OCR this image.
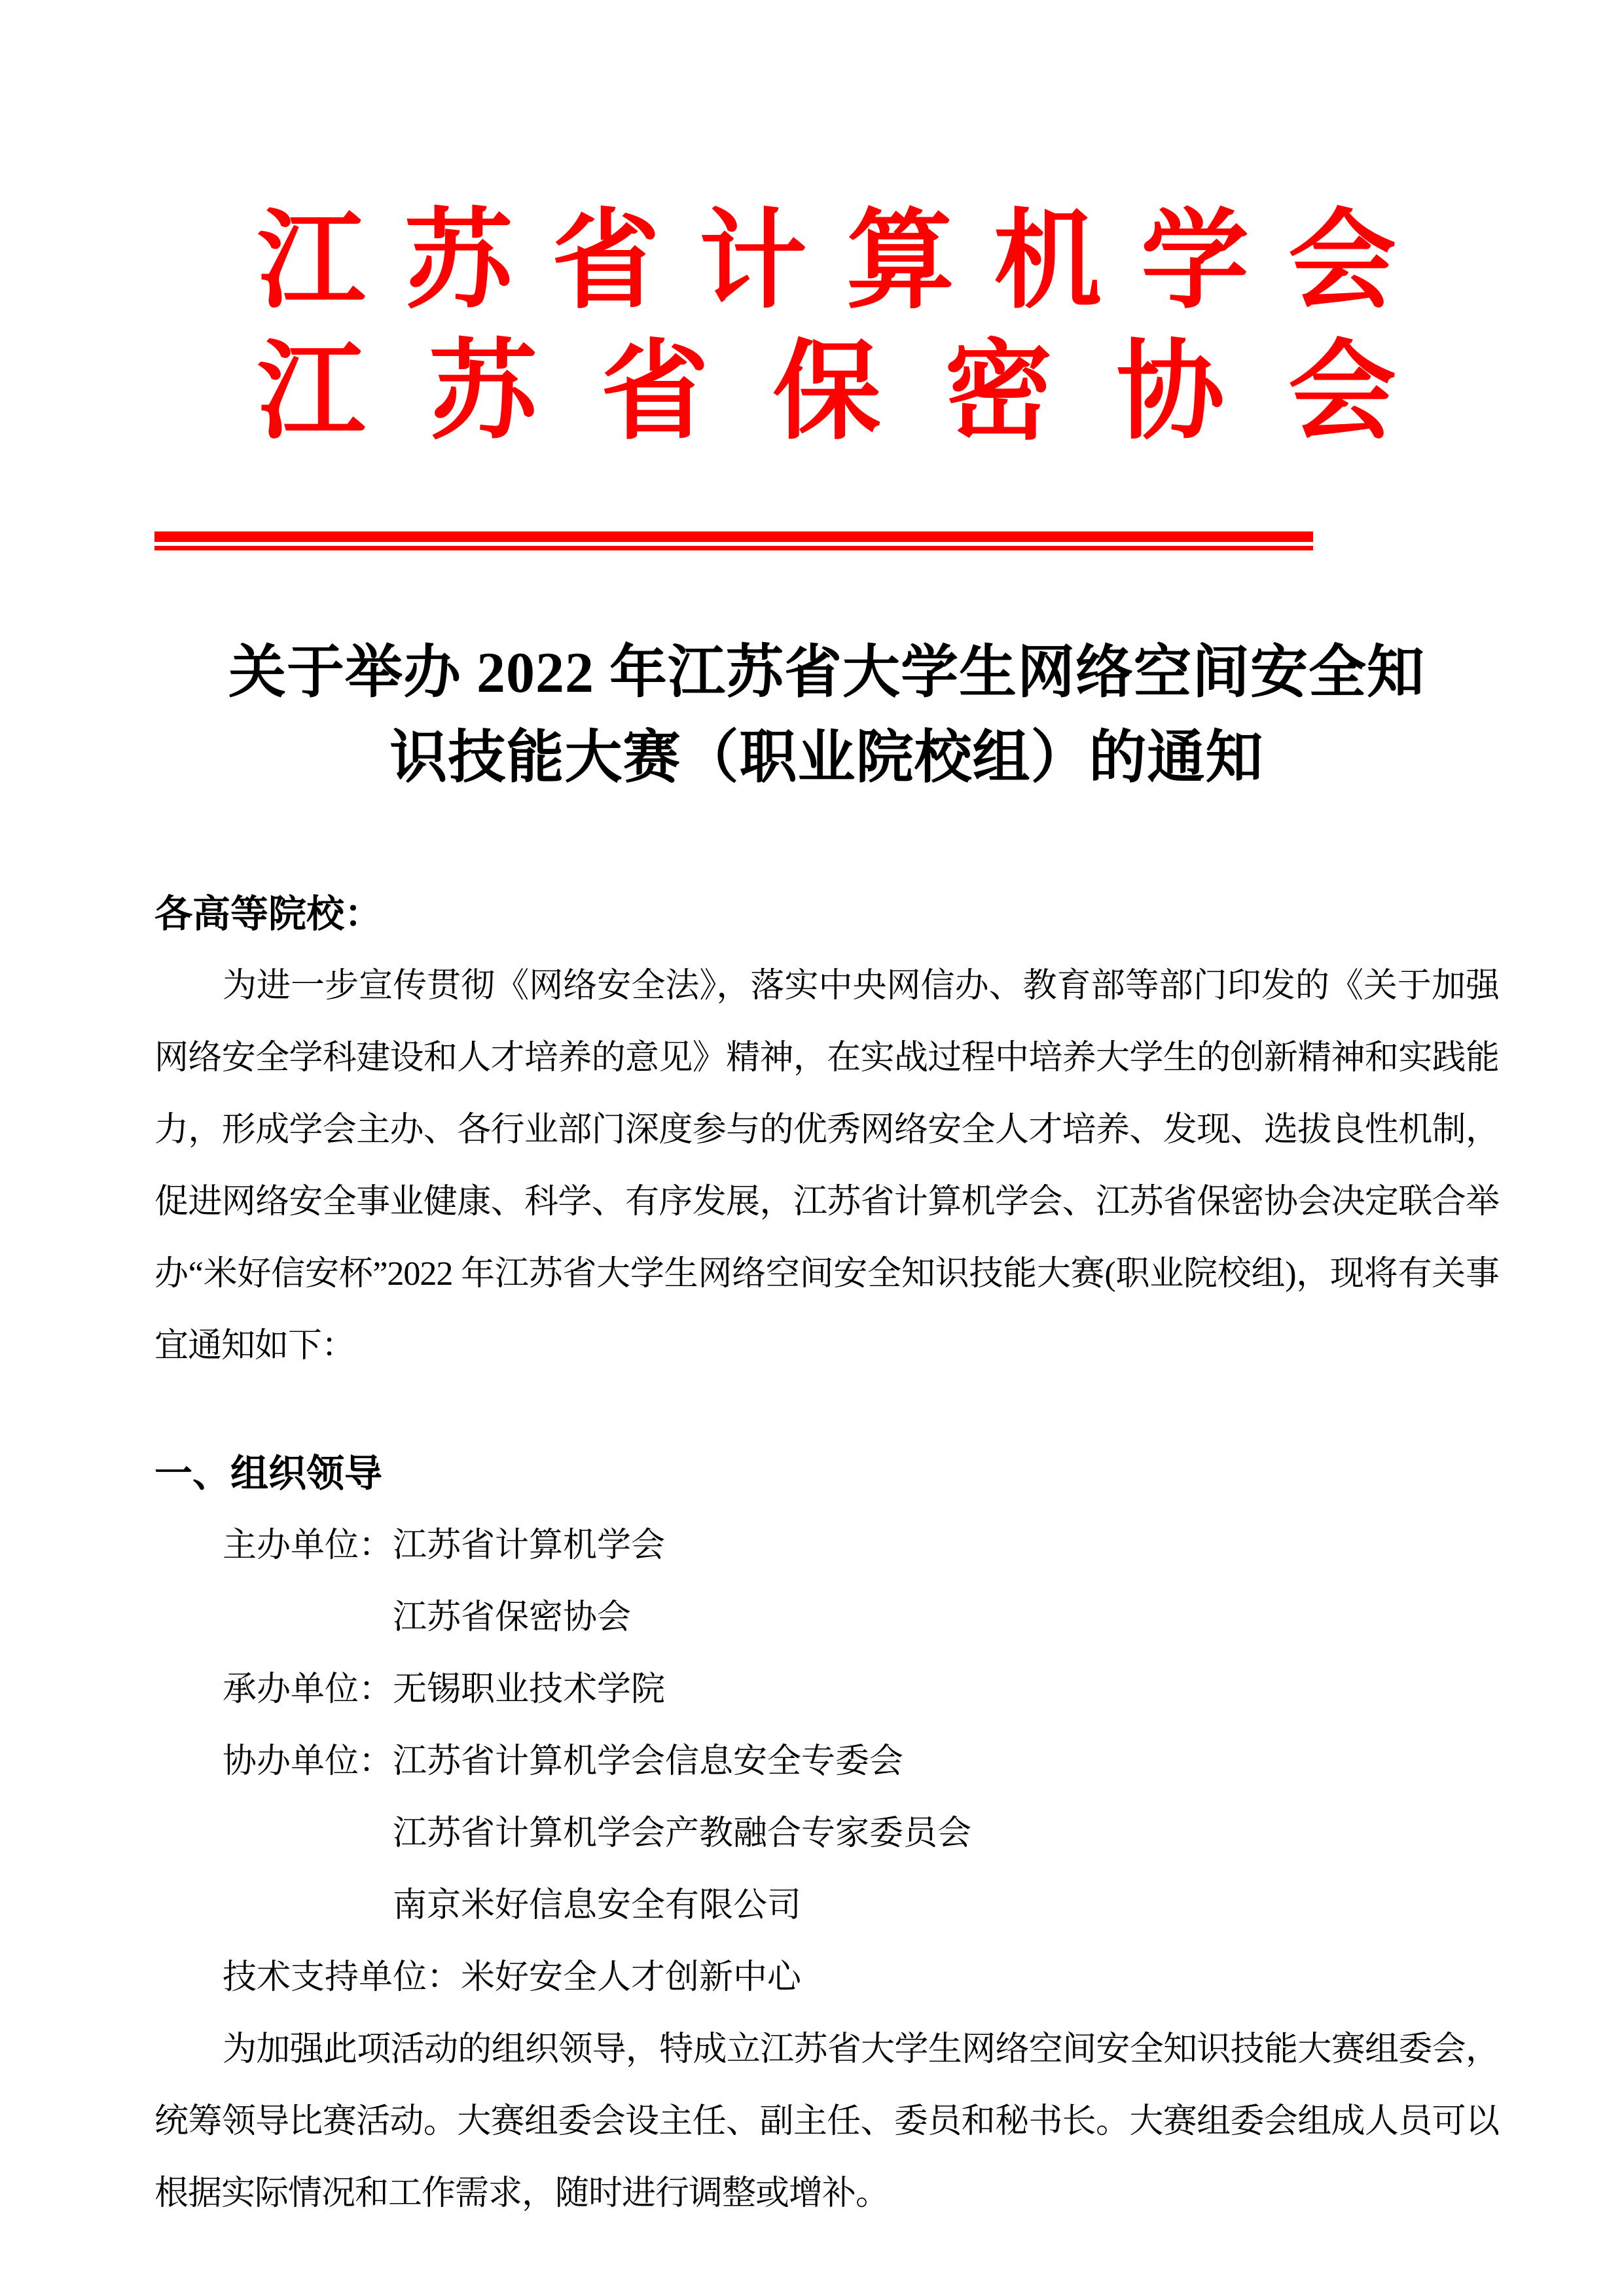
江 苏 省 计 算 机 学 会
江 苏 省 保 密 协 会
关于举办 2022 年江苏省大学生网络空间安全知
识技能大赛（职业院校组）的通知

各高等院校：

为进一步宣传贯彻《网络安全法》，落实中央网信办、教育部等部门印发的《关于加强网络安全学科建设和人才培养的意见》精神，在实战过程中培养大学生的创新精神和实践能力，形成学会主办、各行业部门深度参与的优秀网络安全人才培养、发现、选拔良性机制，促进网络安全事业健康、科学、有序发展，江苏省计算机学会、江苏省保密协会决定联合举办“米好信安杯”2022 年江苏省大学生网络空间安全知识技能大赛(职业院校组)，现将有关事宜通知如下：

一、组织领导
主办单位：江苏省计算机学会
江苏省保密协会
承办单位：无锡职业技术学院
协办单位：江苏省计算机学会信息安全专委会
江苏省计算机学会产教融合专家委员会
南京米好信息安全有限公司
技术支持单位：米好安全人才创新中心

为加强此项活动的组织领导，特成立江苏省大学生网络空间安全知识技能大赛组委会，统筹领导比赛活动。大赛组委会设主任、副主任、委员和秘书长。大赛组委会组成人员可以根据实际情况和工作需求，随时进行调整或增补。
